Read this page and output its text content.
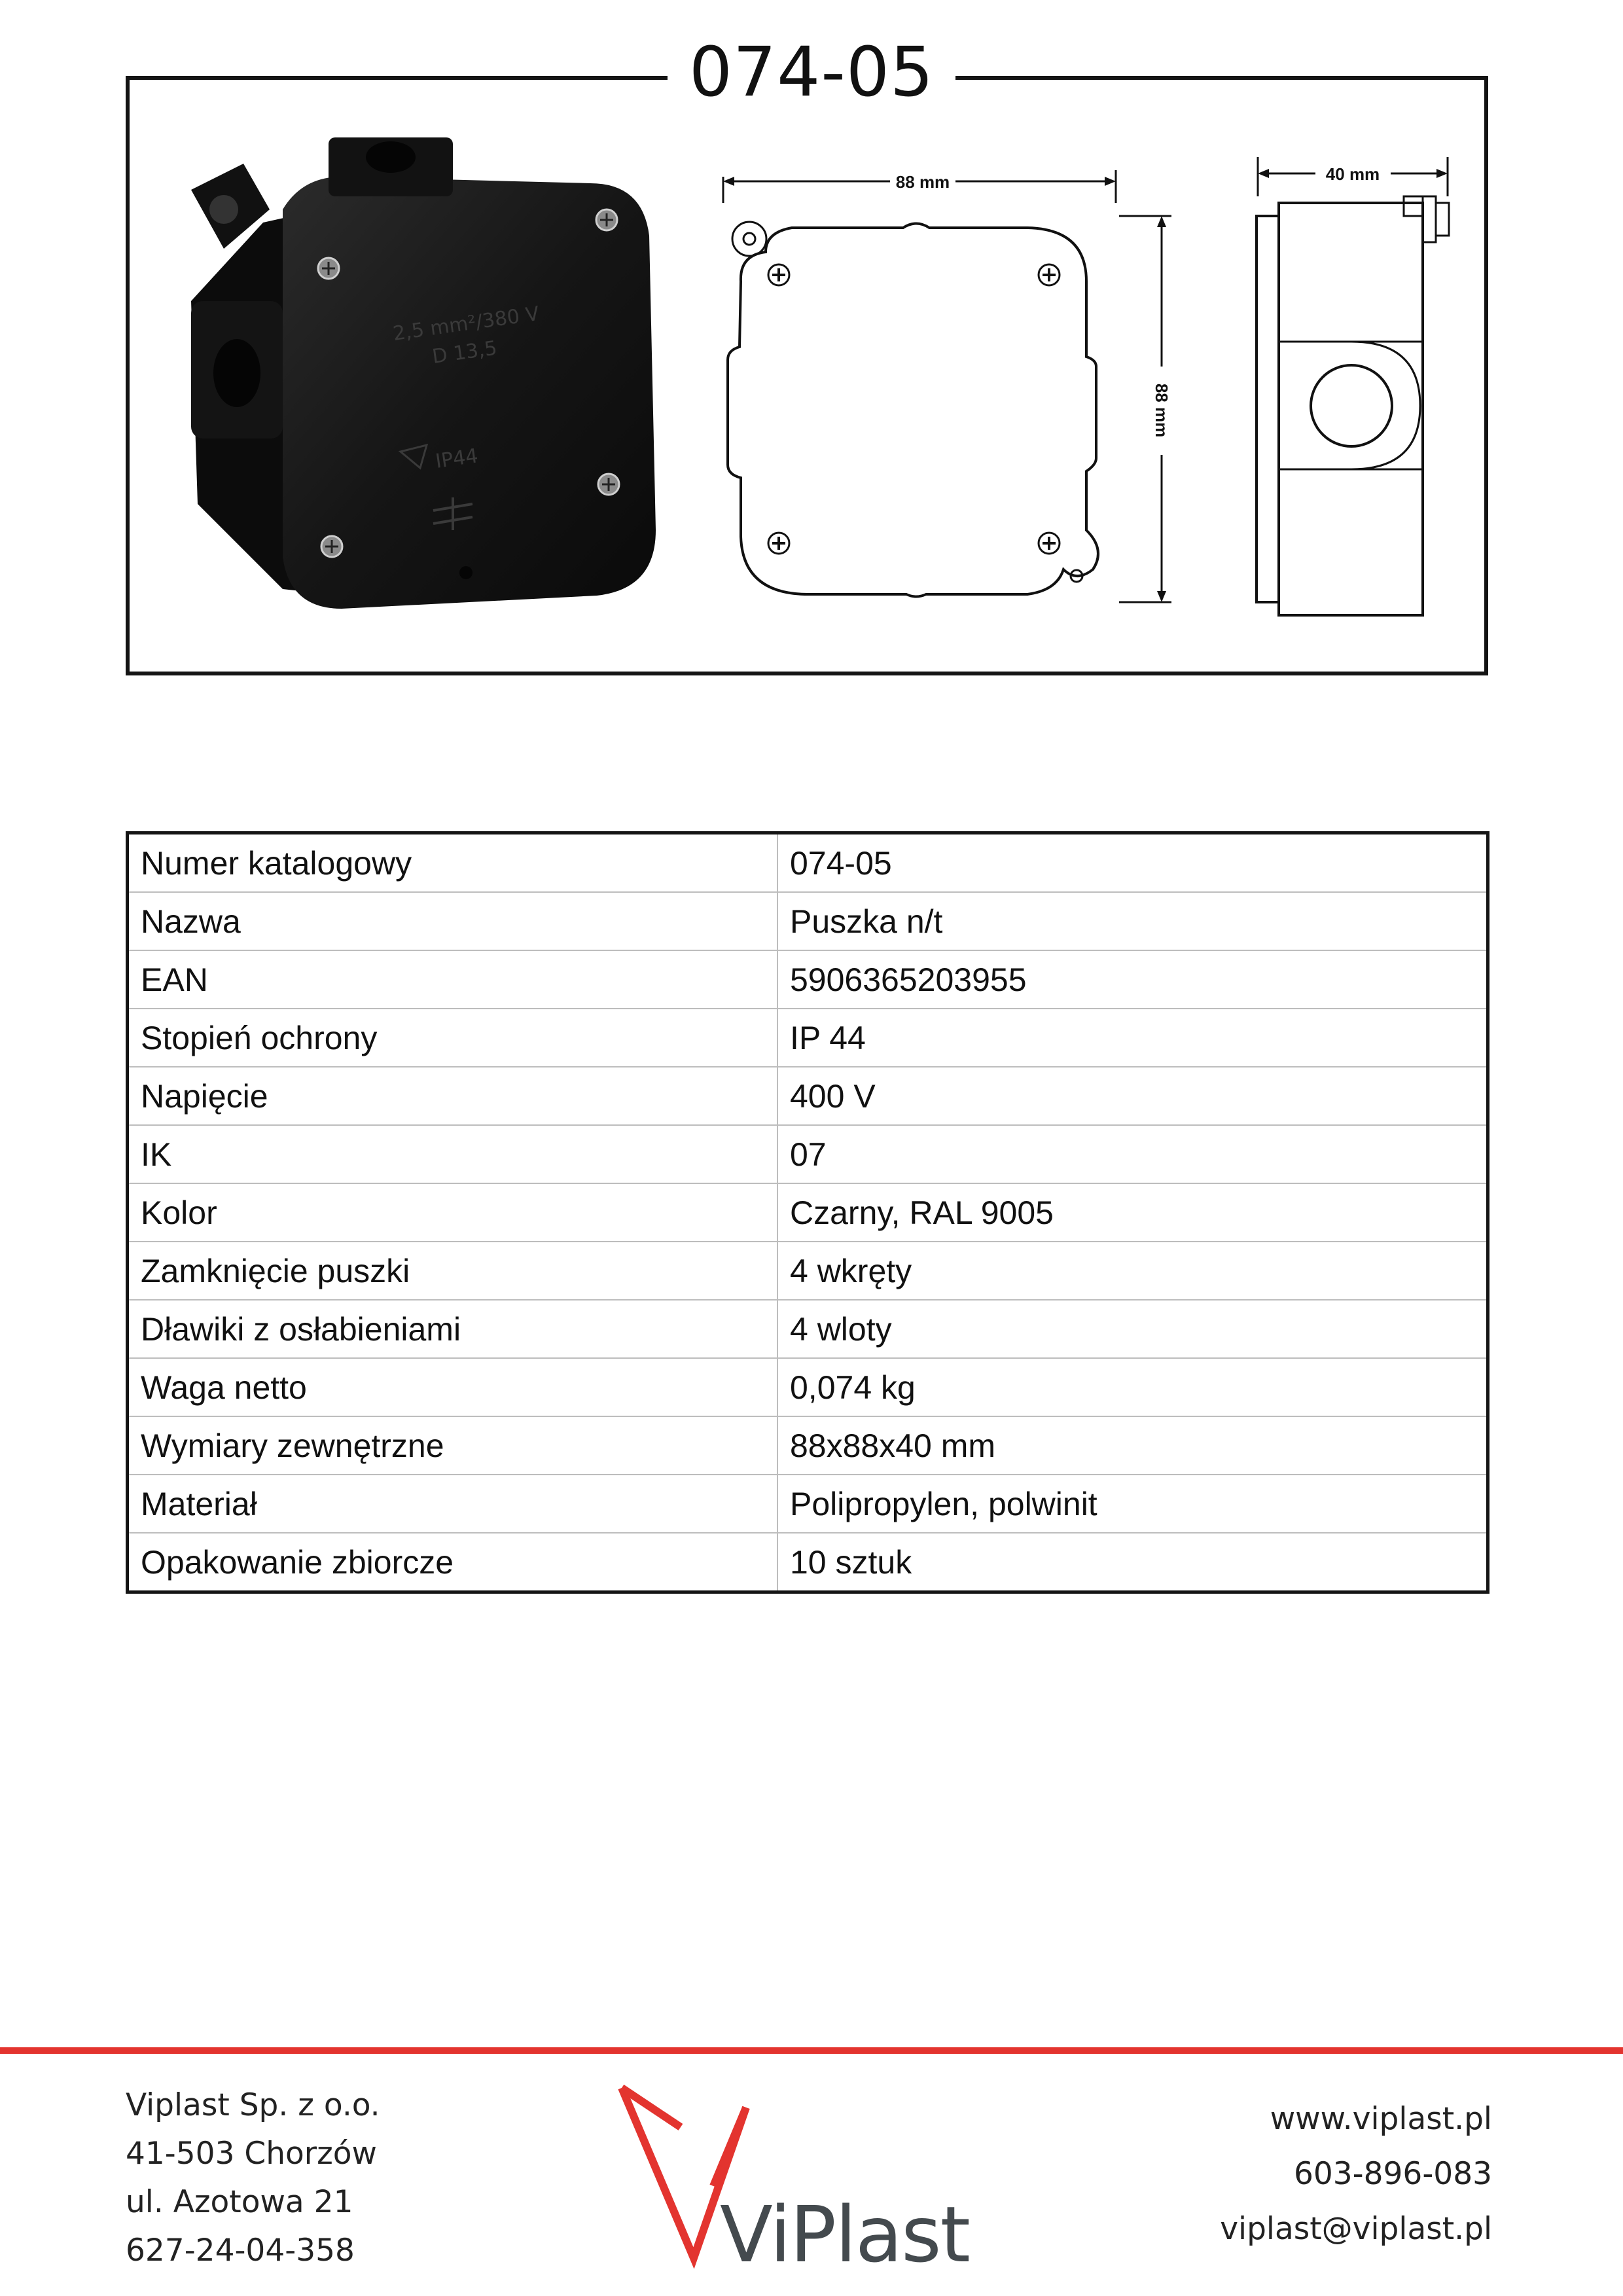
074-05
2,5 mm²/380 V
D 13,5
IP44
88 mm
88 mm
40 mm
Numer katalogowy	074-05
Nazwa	Puszka n/t
EAN	5906365203955
Stopień ochrony	IP 44
Napięcie	400 V
IK	07
Kolor	Czarny, RAL 9005
Zamknięcie puszki	4 wkręty
Dławiki z osłabieniami	4 wloty
Waga netto	0,074 kg
Wymiary zewnętrzne	88x88x40 mm
Materiał	Polipropylen, polwinit
Opakowanie zbiorcze	10 sztuk
Viplast Sp. z o.o.
41-503 Chorzów
ul. Azotowa 21
627-24-04-358	ViPlast
www.viplast.pl
603-896-083
viplast@viplast.pl
